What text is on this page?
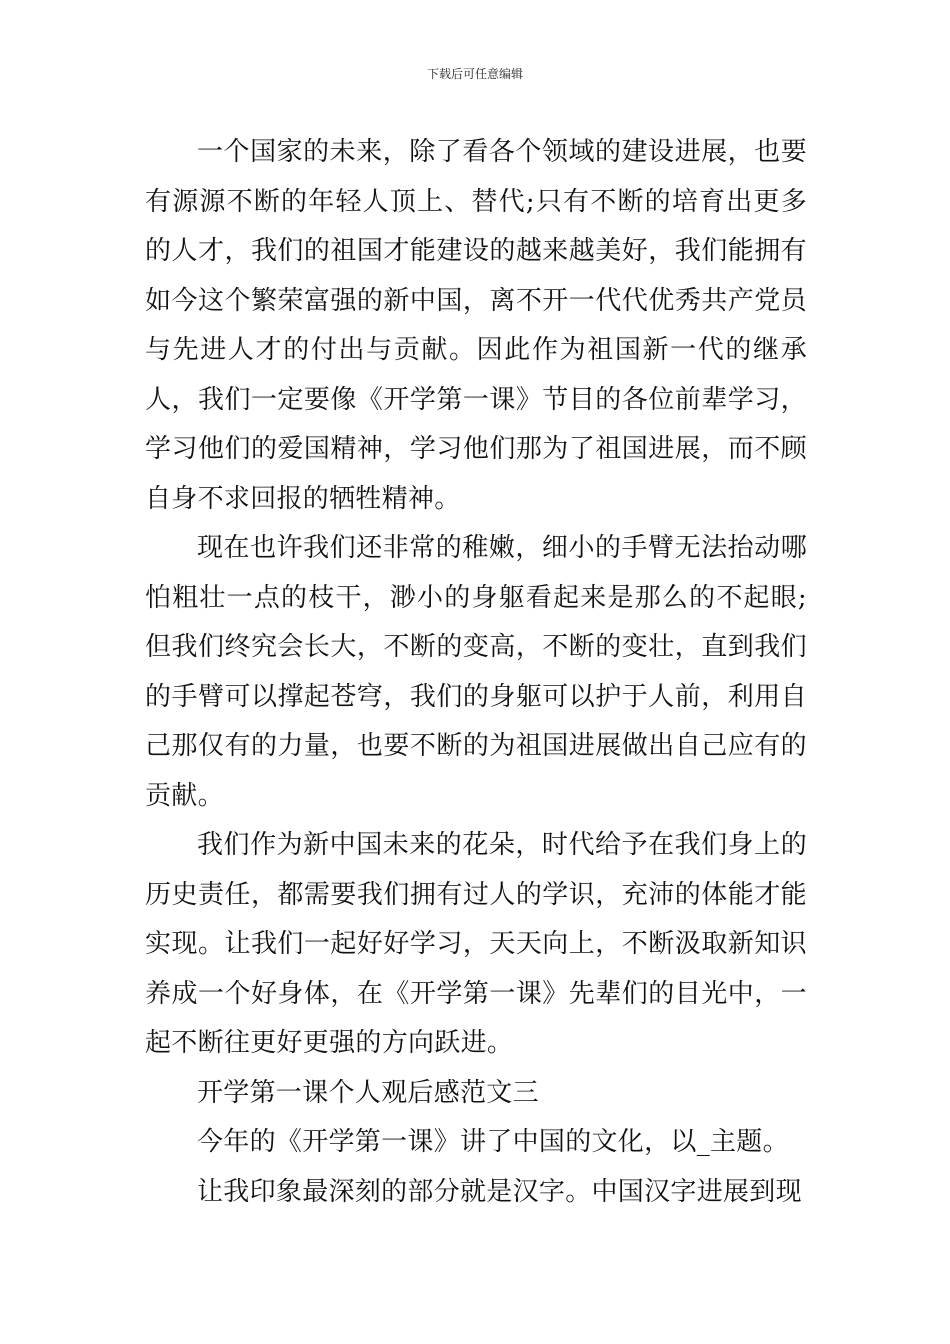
下载后可任意编辑

一个国家的未来，除了看各个领域的建设进展，也要有源源不断的年轻人顶上、替代;只有不断的培育出更多的人才，我们的祖国才能建设的越来越美好，我们能拥有如今这个繁荣富强的新中国，离不开一代代优秀共产党员与先进人才的付出与贡献。因此作为祖国新一代的继承人，我们一定要像《开学第一课》节目的各位前辈学习，学习他们的爱国精神，学习他们那为了祖国进展，而不顾自身不求回报的牺牲精神。

现在也许我们还非常的稚嫩，细小的手臂无法抬动哪怕粗壮一点的枝干，渺小的身躯看起来是那么的不起眼;但我们终究会长大，不断的变高，不断的变壮，直到我们的手臂可以撑起苍穹，我们的身躯可以护于人前，利用自己那仅有的力量，也要不断的为祖国进展做出自己应有的贡献。

我们作为新中国未来的花朵，时代给予在我们身上的历史责任，都需要我们拥有过人的学识，充沛的体能才能实现。让我们一起好好学习，天天向上，不断汲取新知识养成一个好身体，在《开学第一课》先辈们的目光中，一起不断往更好更强的方向跃进。

开学第一课个人观后感范文三

今年的《开学第一课》讲了中国的文化，以_主题。

让我印象最深刻的部分就是汉字。中国汉字进展到现
